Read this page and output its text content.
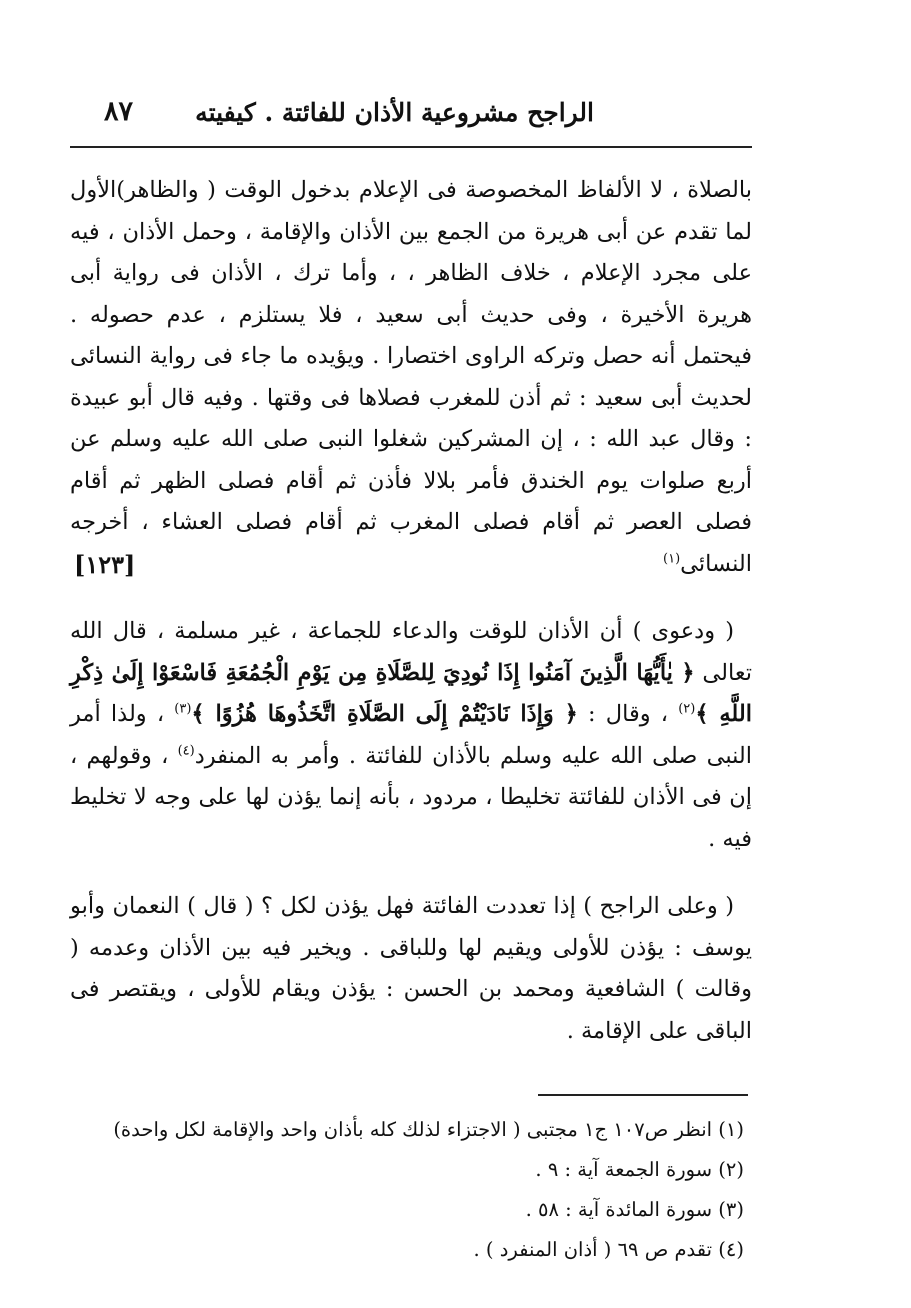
الراجح مشروعية الأذان للفائتة . كيفيته
٨٧

بالصلاة ، لا الألفاظ المخصوصة فى الإعلام بدخول الوقت ( والظاهر)الأول لما تقدم عن أبى هريرة من الجمع بين الأذان والإقامة ، وحمل الأذان ، فيه على مجرد الإعلام ، خلاف الظاهر ، ، وأما ترك ، الأذان فى رواية أبى هريرة الأخيرة ، وفى حديث أبى سعيد ، فلا يستلزم ، عدم حصوله . فيحتمل أنه حصل وتركه الراوى اختصارا . ويؤيده ما جاء فى رواية النسائى لحديث أبى سعيد : ثم أذن للمغرب فصلاها فى وقتها . وفيه قال أبو عبيدة : وقال عبد الله : ، إن المشركين شغلوا النبى صلى الله عليه وسلم عن أربع صلوات يوم الخندق فأمر بلالا فأذن ثم أقام فصلى الظهر ثم أقام فصلى العصر ثم أقام فصلى المغرب ثم أقام فصلى العشاء ، أخرجه النسائى$^{(١)}$
[١٢٣]

( ودعوى ) أن الأذان للوقت والدعاء للجماعة ، غير مسلمة ، قال الله تعالى ﴿ يٰأَيُّهَا الَّذِينَ آمَنُوا إِذَا نُودِيَ لِلصَّلَاةِ مِن يَوْمِ الْجُمُعَةِ فَاسْعَوْا إِلَىٰ ذِكْرِ اللَّهِ ﴾$^{(٢)}$ ، وقال : ﴿ وَإِذَا نَادَيْتُمْ إِلَى الصَّلَاةِ اتَّخَذُوهَا هُزُوًا ﴾$^{(٣)}$ ، ولذا أمر النبى صلى الله عليه وسلم بالأذان للفائتة . وأمر به المنفرد$^{(٤)}$ ، وقولهم ، إن فى الأذان للفائتة تخليطا ، مردود ، بأنه إنما يؤذن لها على وجه لا تخليط فيه .

( وعلى الراجح ) إذا تعددت الفائتة فهل يؤذن لكل ؟ ( قال ) النعمان وأبو يوسف : يؤذن للأولى ويقيم لها وللباقى . ويخير فيه بين الأذان وعدمه ( وقالت ) الشافعية ومحمد بن الحسن : يؤذن ويقام للأولى ، ويقتصر فى الباقى على الإقامة .

(١) انظر ص١٠٧ ج١ مجتبى ( الاجتزاء لذلك كله بأذان واحد والإقامة لكل واحدة)

(٢) سورة الجمعة آية : ٩ .

(٣) سورة المائدة آية : ٥٨ .

(٤) تقدم ص ٦٩ ( أذان المنفرد ) .
